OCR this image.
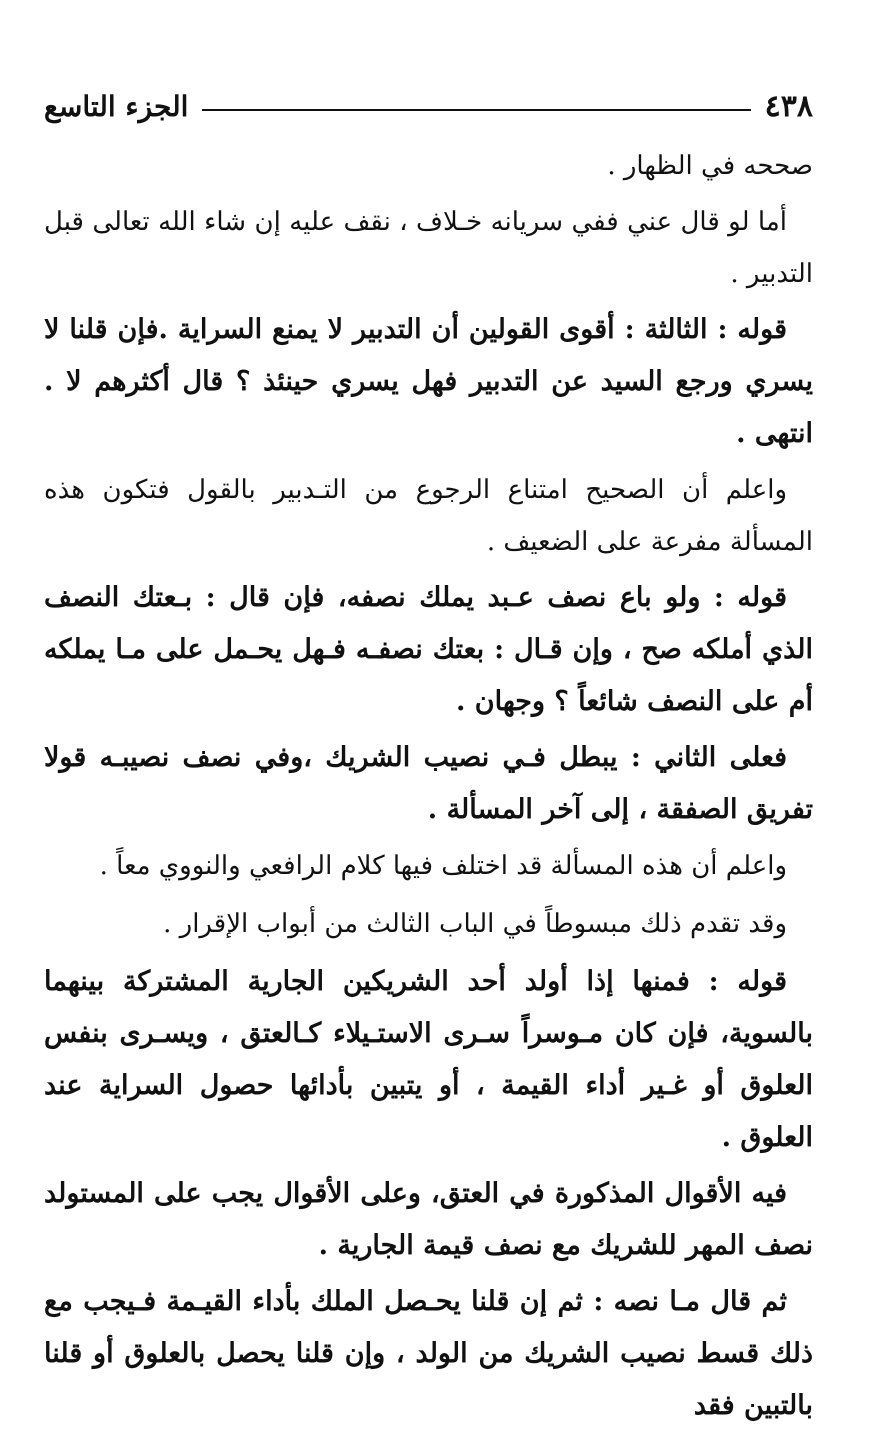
٤٣٨
الجزء التاسع

صححه في الظهار .

أما لو قال عني ففي سريانه خـلاف ، نقف عليه إن شاء الله تعالى قبل التدبير .

قوله : الثالثة : أقوى القولين أن التدبير لا يمنع السراية .فإن قلنا لا يسري ورجع السيد عن التدبير فهل يسري حينئذ ؟ قال أكثرهم لا . انتهى .

واعلم أن الصحيح امتناع الرجوع من التـدبير بالقول فتكون هذه المسألة مفرعة على الضعيف .

قوله : ولو باع نصف عـبد يملك نصفه، فإن قال : بـعتك النصف الذي أملكه صح ، وإن قـال : بعتك نصفـه فـهل يحـمل على مـا يملكه أم على النصف شائعاً ؟ وجهان .

فعلى الثاني : يبطل فـي نصيب الشريك ،وفي نصف نصيبـه قولا تفريق الصفقة ، إلى آخر المسألة .

واعلم أن هذه المسألة قد اختلف فيها كلام الرافعي والنووي معاً .

وقد تقدم ذلك مبسوطاً في الباب الثالث من أبواب الإقرار .

قوله : فمنها إذا أولد أحد الشريكين الجارية المشتركة بينهما بالسوية، فإن كان مـوسراً سـرى الاستـيلاء كـالعتق ، ويسـرى بنفس العلوق أو غـير أداء القيمة ، أو يتبين بأدائها حصول السراية عند العلوق .

فيه الأقوال المذكورة في العتق، وعلى الأقوال يجب على المستولد نصف المهر للشريك مع نصف قيمة الجارية .

ثم قال مـا نصه : ثم إن قلنا يحـصل الملك بأداء القيـمة فـيجب مع ذلك قسط نصيب الشريك من الولد ، وإن قلنا يحصل بالعلوق أو قلنا بالتبين فقد
